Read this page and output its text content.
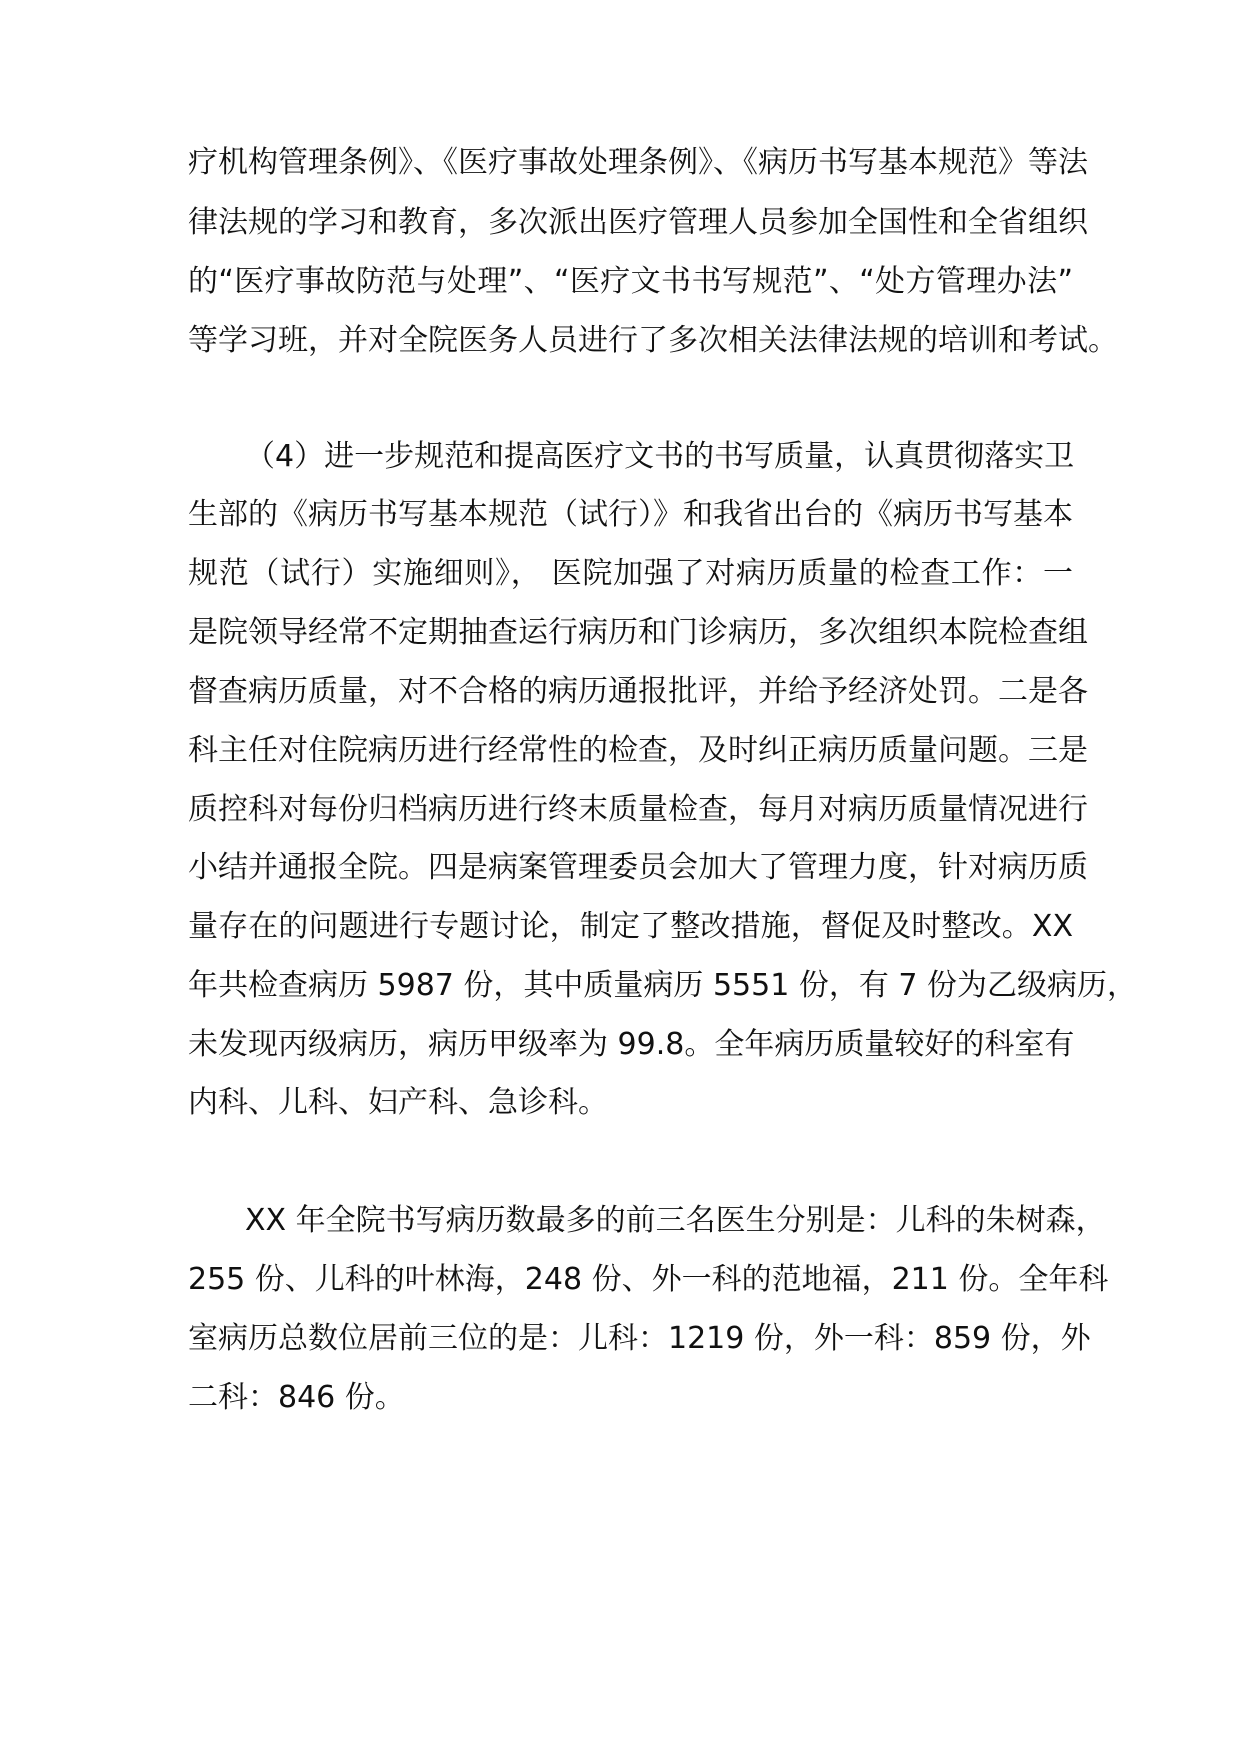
疗机构管理条例》、《医疗事故处理条例》、《病历书写基本规范》等法
律法规的学习和教育，多次派出医疗管理人员参加全国性和全省组织
的“医疗事故防范与处理”、“医疗文书书写规范”、“处方管理办法”
等学习班，并对全院医务人员进行了多次相关法律法规的培训和考试。
（4）进一步规范和提高医疗文书的书写质量，认真贯彻落实卫
生部的《病历书写基本规范（试行）》和我省出台的《病历书写基本
规范（试行）实施细则》， 医院加强了对病历质量的检查工作：一
是院领导经常不定期抽查运行病历和门诊病历，多次组织本院检查组
督查病历质量，对不合格的病历通报批评，并给予经济处罚。二是各
科主任对住院病历进行经常性的检查，及时纠正病历质量问题。三是
质控科对每份归档病历进行终末质量检查，每月对病历质量情况进行
小结并通报全院。四是病案管理委员会加大了管理力度，针对病历质
量存在的问题进行专题讨论，制定了整改措施，督促及时整改。XX
年共检查病历 5987 份，其中质量病历 5551 份，有 7 份为乙级病历，
未发现丙级病历，病历甲级率为 99.8。全年病历质量较好的科室有
内科、儿科、妇产科、急诊科。
XX 年全院书写病历数最多的前三名医生分别是：儿科的朱树森，
255 份、儿科的叶林海，248 份、外一科的范地福，211 份。全年科
室病历总数位居前三位的是：儿科：1219 份，外一科：859 份，外
二科：846 份。
